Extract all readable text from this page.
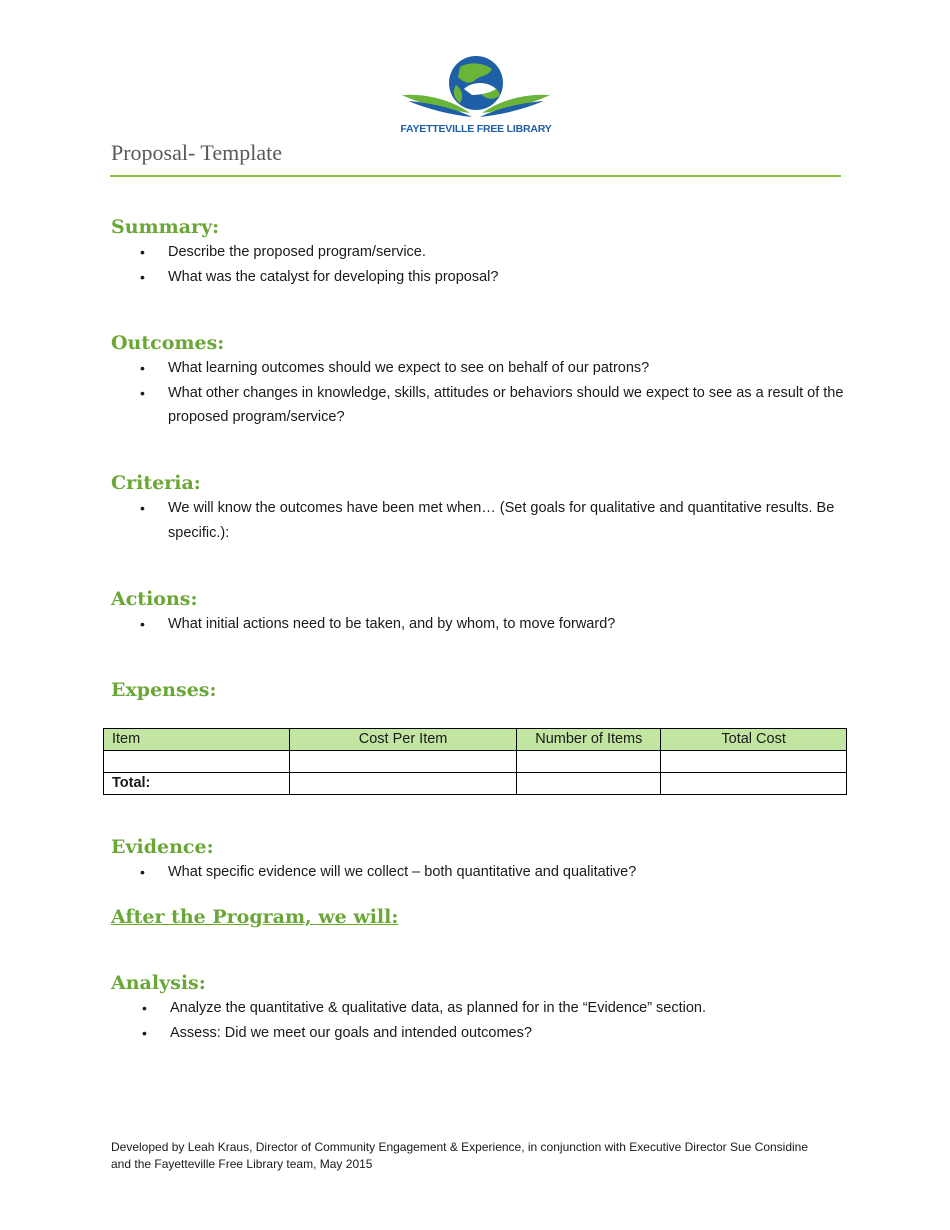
FAYETTEVILLE FREE LIBRARY
Proposal- Template
Summary:
• Describe the proposed program/service.
• What was the catalyst for developing this proposal?
Outcomes:
• What learning outcomes should we expect to see on behalf of our patrons?
• What other changes in knowledge, skills, attitudes or behaviors should we expect to see as a result of the proposed program/service?
Criteria:
• We will know the outcomes have been met when… (Set goals for qualitative and quantitative results. Be specific.):
Actions:
• What initial actions need to be taken, and by whom, to move forward?
Expenses:
Item	Cost Per Item	Number of Items	Total Cost

Total:			
Evidence:
• What specific evidence will we collect – both quantitative and qualitative?
After the Program, we will:
Analysis:
• Analyze the quantitative & qualitative data, as planned for in the “Evidence” section.
• Assess: Did we meet our goals and intended outcomes?
Developed by Leah Kraus, Director of Community Engagement & Experience, in conjunction with Executive Director Sue Considine and the Fayetteville Free Library team, May 2015
